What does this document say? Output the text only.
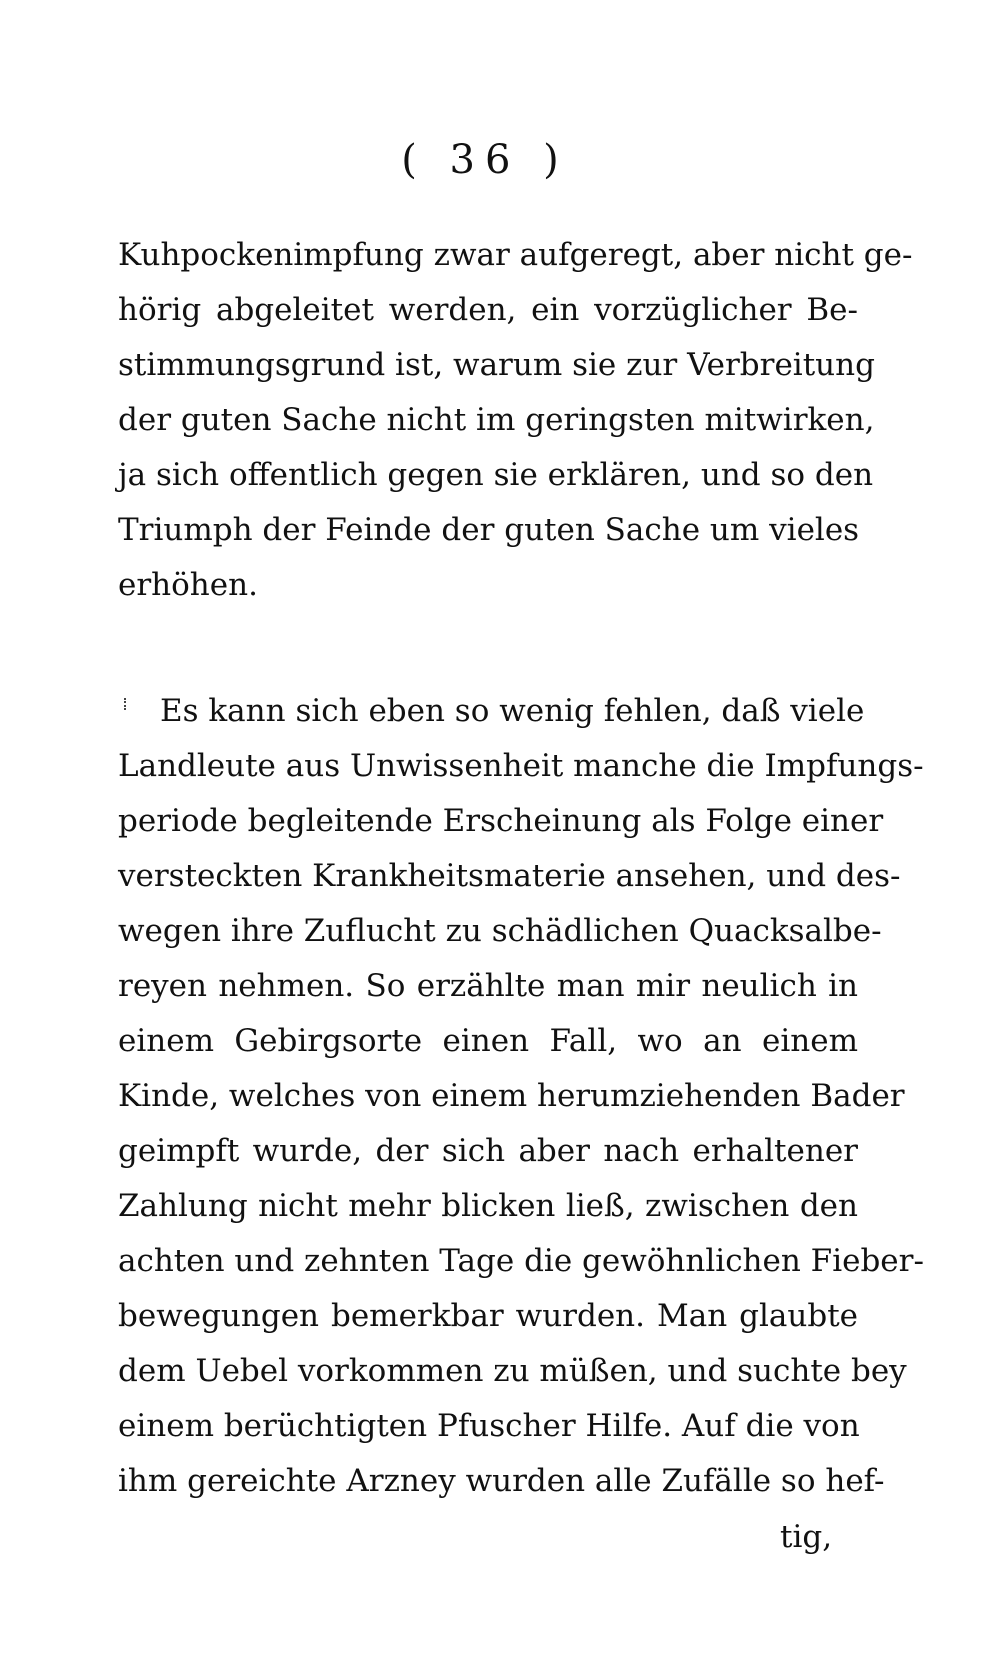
( 36 )
Kuhpockenimpfung zwar aufgeregt, aber nicht ge-
hörig abgeleitet werden, ein vorzüglicher Be-
stimmungsgrund ist, warum sie zur Verbreitung
der guten Sache nicht im geringsten mitwirken,
ja sich offentlich gegen sie erklären, und so den
Triumph der Feinde der guten Sache um vieles
erhöhen.
Es kann sich eben so wenig fehlen, daß viele
Landleute aus Unwissenheit manche die Impfungs-
periode begleitende Erscheinung als Folge einer
versteckten Krankheitsmaterie ansehen, und des-
wegen ihre Zuflucht zu schädlichen Quacksalbe-
reyen nehmen. So erzählte man mir neulich in
einem Gebirgsorte einen Fall, wo an einem
Kinde, welches von einem herumziehenden Bader
geimpft wurde, der sich aber nach erhaltener
Zahlung nicht mehr blicken ließ, zwischen den
achten und zehnten Tage die gewöhnlichen Fieber-
bewegungen bemerkbar wurden. Man glaubte
dem Uebel vorkommen zu müßen, und suchte bey
einem berüchtigten Pfuscher Hilfe. Auf die von
ihm gereichte Arzney wurden alle Zufälle so hef-
tig,
